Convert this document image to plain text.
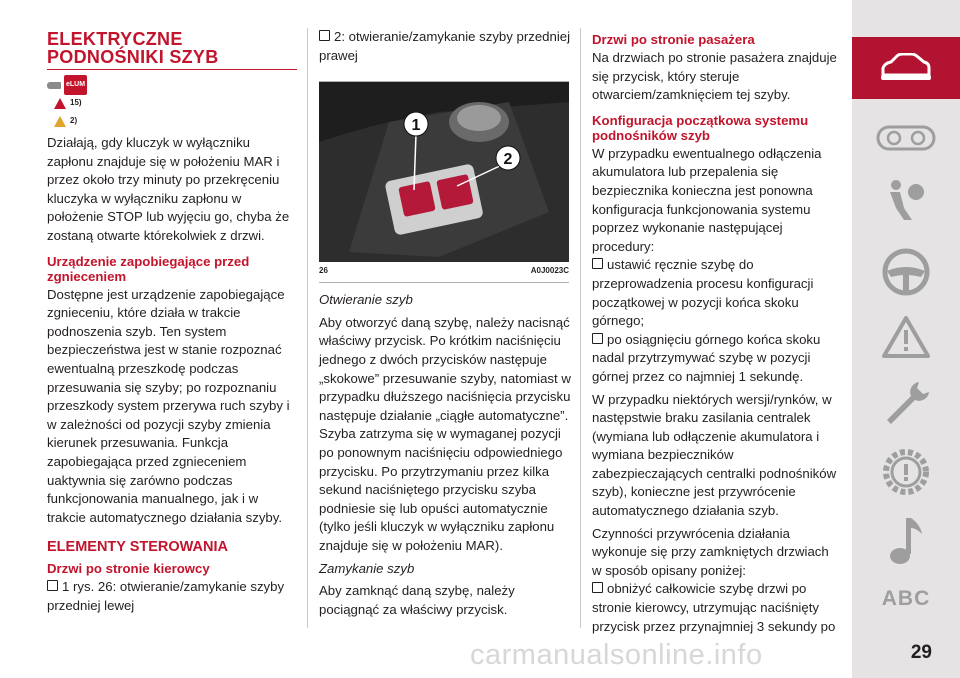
ELEKTRYCZNE PODNOŚNIKI SZYB
eLUM
15)
2)

Działają, gdy kluczyk w wyłączniku zapłonu znajduje się w położeniu MAR i przez około trzy minuty po przekręceniu kluczyka w wyłączniku zapłonu w położenie STOP lub wyjęciu go, chyba że zostaną otwarte którekolwiek z drzwi.

Urządzenie zapobiegające przed zgnieceniem

Dostępne jest urządzenie zapobiegające zgnieceniu, które działa w trakcie podnoszenia szyb. Ten system bezpieczeństwa jest w stanie rozpoznać ewentualną przeszkodę podczas przesuwania się szyby; po rozpoznaniu przeszkody system przerywa ruch szyby i w zależności od pozycji szyby zmienia kierunek przesuwania. Funkcja zapobiegająca przed zgnieceniem uaktywnia się zarówno podczas funkcjonowania manualnego, jak i w trakcie automatycznego działania szyby.

ELEMENTY STEROWANIA
Drzwi po stronie kierowcy

1 rys. 26: otwieranie/zamykanie szyby przedniej lewej

2: otwieranie/zamykanie szyby przedniej prawej

1
2
26	A0J0023C

Otwieranie szyb

Aby otworzyć daną szybę, należy nacisnąć właściwy przycisk. Po krótkim naciśnięciu jednego z dwóch przycisków następuje „skokowe” przesuwanie szyby, natomiast w przypadku dłuższego naciśnięcia przycisku następuje działanie „ciągłe automatyczne”. Szyba zatrzyma się w wymaganej pozycji po ponownym naciśnięciu odpowiedniego przycisku. Po przytrzymaniu przez kilka sekund naciśniętego przycisku szyba podniesie się lub opuści automatycznie (tylko jeśli kluczyk w wyłączniku zapłonu znajduje się w położeniu MAR).

Zamykanie szyb

Aby zamknąć daną szybę, należy pociągnąć za właściwy przycisk.

Drzwi po stronie pasażera

Na drzwiach po stronie pasażera znajduje się przycisk, który steruje otwarciem/zamknięciem tej szyby.

Konfiguracja początkowa systemu podnośników szyb

W przypadku ewentualnego odłączenia akumulatora lub przepalenia się bezpiecznika konieczna jest ponowna konfiguracja funkcjonowania systemu poprzez wykonanie następującej procedury:

ustawić ręcznie szybę do przeprowadzenia procesu konfiguracji początkowej w pozycji końca skoku górnego;

po osiągnięciu górnego końca skoku nadal przytrzymywać szybę w pozycji górnej przez co najmniej 1 sekundę.

W przypadku niektórych wersji/rynków, w następstwie braku zasilania centralek (wymiana lub odłączenie akumulatora i wymiana bezpieczników zabezpieczających centralki podnośników szyb), konieczne jest przywrócenie automatycznego działania szyb.

Czynności przywrócenia działania wykonuje się przy zamkniętych drzwiach w sposób opisany poniżej:

obniżyć całkowicie szybę drzwi po stronie kierowcy, utrzymując naciśnięty przycisk przez przynajmniej 3 sekundy po

ABC
29
carmanualsonline.info
